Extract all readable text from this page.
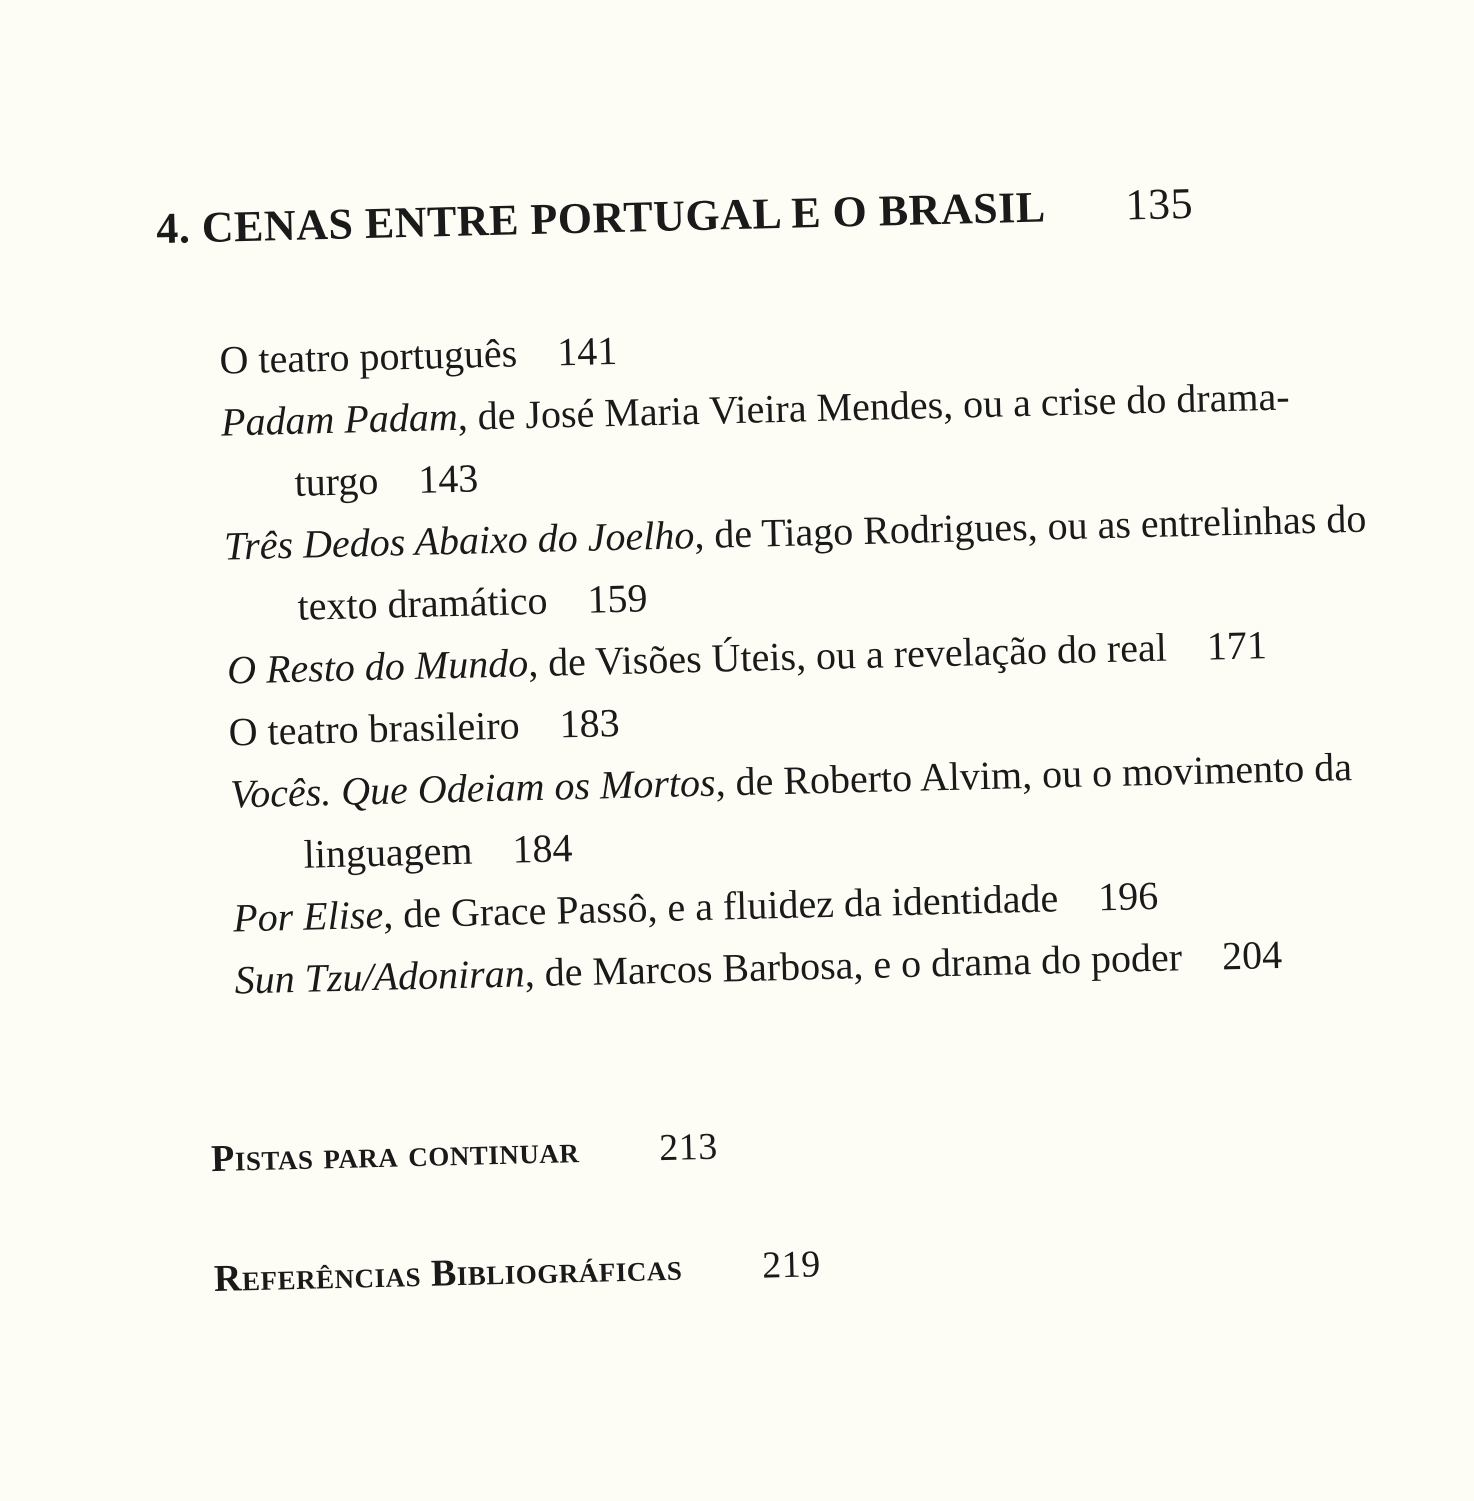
4. CENAS ENTRE PORTUGAL E O BRASIL 135

O teatro português 141

Padam Padam, de José Maria Vieira Mendes, ou a crise do drama-turgo 143

Três Dedos Abaixo do Joelho, de Tiago Rodrigues, ou as entrelinhas do texto dramático 159

O Resto do Mundo, de Visões Úteis, ou a revelação do real 171

O teatro brasileiro 183

Vocês. Que Odeiam os Mortos, de Roberto Alvim, ou o movimento da linguagem 184

Por Elise, de Grace Passô, e a fluidez da identidade 196

Sun Tzu/Adoniran, de Marcos Barbosa, e o drama do poder 204

Pistas para continuar 213
Referências Bibliográficas 219
